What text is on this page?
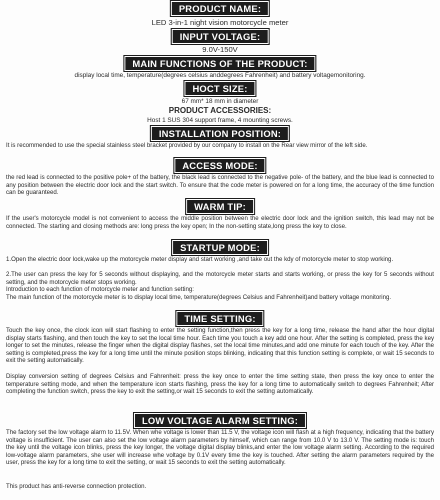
PRODUCT NAME:
LED 3-in-1 night vision motorcycle meter
INPUT VOLTAGE:
9.0V-150V
MAIN FUNCTIONS OF THE PRODUCT:
display local time, temperature(degrees celsius anddegrees Fahrenheit) and battery voltagemonitoring.
HOCT SIZE:
67 mm* 18 mm in diameter
PRODUCT ACCESSORIES:
Host 1 SUS 304 support frame, 4 mounting screws.
INSTALLATION POSITION:
It is recommended to use the special stainless steel bracket provided by our company to install on the Rear view mirror of the left side.
ACCESS MODE:
the red lead is connected to the positive pole+ of the battery, the black lead is connected to the negative pole- of the battery, and the blue lead is connected to any position between the electric door lock and the start switch. To ensure that the code meter is powered on for a long time, the accuracy of the time function can be guaranteed.
WARM TIP:
If the user's motorcycle model is not convenient to access the middle position between the electric door lock and the ignition switch, this lead may not be connected. The starting and closing methods are: long press the key open; In the non-setting state,long press the key to close.
STARTUP MODE:
1.Open the electric door lock,wake up the motorcycle meter display and start working ,and take out the kdy of motorcycle meter to stop working.
2.The user can press the key for 5 seconds without displaying, and the motorcycle meter starts and starts working, or press the key for 5 seconds without setting, and the motorcycle meter stops working.
Introduction to each function of motorcycle meter and function setting:
The main function of the motorcycle meter is to display local time, temperature(degrees Celsius and Fahrenheit)and battery voltage monitoring.
TIME SETTING:
Touch the key once, the clock icon will start flashing to enter the setting function,then press the key for a long time, release the hand after the hour digital display starts flashing, and then touch the key to set the local time hour. Each time you touch a key add one hour. After the setting is completed, press the key longer to set the minutes, release the finger when the digital display flashes, set the local time minutes,and add one minute for each touch of the key. After the setting is completed,press the key for a long time until the minute position stops blinking, indicating that this function setting is complete, or wait 15 seconds to exit the setting automatically.
Display conversion setting of degrees Celsius and Fahrenheit: press the key once to enter the time setting state, then press the key once to enter the temperature setting mode, and when the temperature icon starts flashing, press the key for a long time to automatically switch to degrees Fahrenheit; After completing the function switch, press the key to exit the setting,or wait 15 seconds to exit the setting automatically.
LOW VOLTAGE ALARM SETTING:
The factory set the low voltage alarm to 11.5V. When whe voltage is lower than 11.5 V, the voltage icon will flash at a high frequency, indicating that the battery voltage is insufficient. The user can also set the low voltage alarm parameters by himself, which can range from 10.0 V to 13.0 V. The setting mode is: touch the key until the voltage icon blinks, press the key longer, the voltage digital display blinks,and enter the low voltage alarm setting. According to the required low-voltage alarm parameters, she user will increase whe voltage by 0.1V every time the key is touched. After setting the alarm parameters required by the user, press the key for a long time to exit the setting, or wait 15 seconds to exit the setting automatically.
This product has anti-reverse connection protection.
